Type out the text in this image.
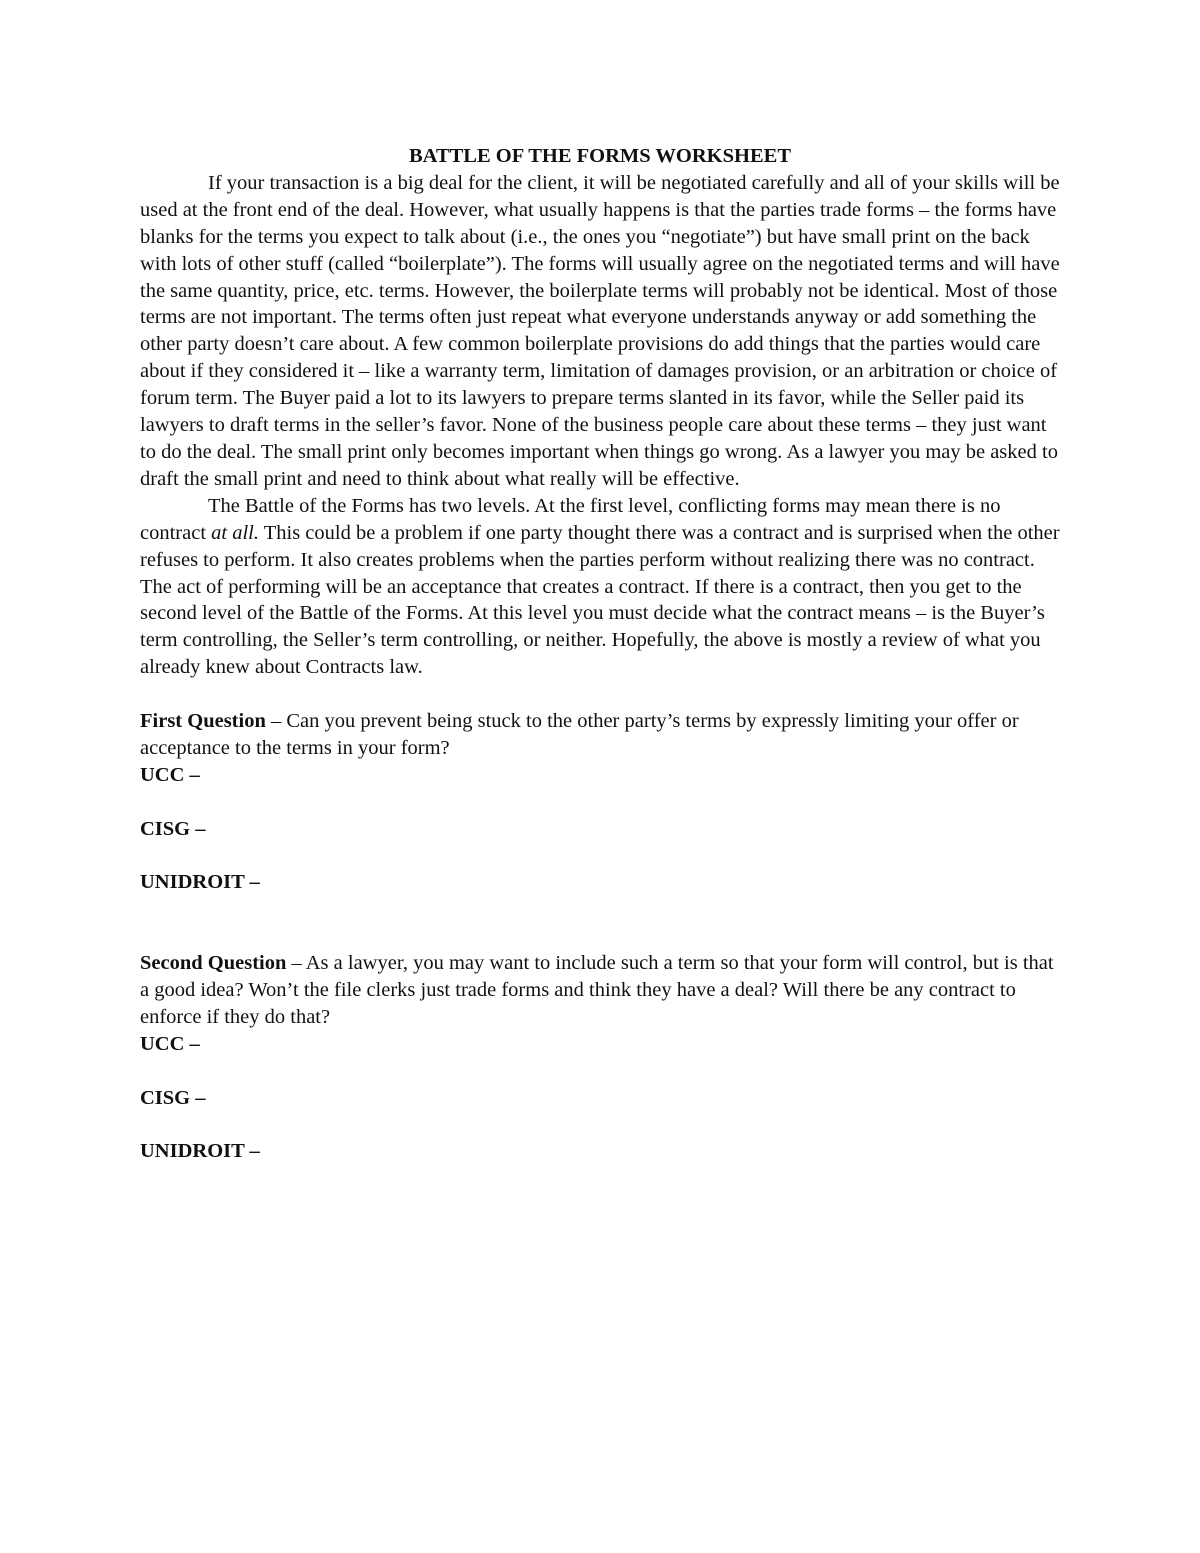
BATTLE OF THE FORMS WORKSHEET

If your transaction is a big deal for the client, it will be negotiated carefully and all of your skills will be used at the front end of the deal. However, what usually happens is that the parties trade forms – the forms have blanks for the terms you expect to talk about (i.e., the ones you “negotiate”) but have small print on the back with lots of other stuff (called “boilerplate”). The forms will usually agree on the negotiated terms and will have the same quantity, price, etc. terms. However, the boilerplate terms will probably not be identical. Most of those terms are not important. The terms often just repeat what everyone understands anyway or add something the other party doesn’t care about. A few common boilerplate provisions do add things that the parties would care about if they considered it – like a warranty term, limitation of damages provision, or an arbitration or choice of forum term. The Buyer paid a lot to its lawyers to prepare terms slanted in its favor, while the Seller paid its lawyers to draft terms in the seller’s favor. None of the business people care about these terms – they just want to do the deal. The small print only becomes important when things go wrong. As a lawyer you may be asked to draft the small print and need to think about what really will be effective.

The Battle of the Forms has two levels. At the first level, conflicting forms may mean there is no contract at all. This could be a problem if one party thought there was a contract and is surprised when the other refuses to perform. It also creates problems when the parties perform without realizing there was no contract. The act of performing will be an acceptance that creates a contract. If there is a contract, then you get to the second level of the Battle of the Forms. At this level you must decide what the contract means – is the Buyer’s term controlling, the Seller’s term controlling, or neither. Hopefully, the above is mostly a review of what you already knew about Contracts law.

First Question – Can you prevent being stuck to the other party’s terms by expressly limiting your offer or acceptance to the terms in your form?

UCC –

CISG –

UNIDROIT –

Second Question – As a lawyer, you may want to include such a term so that your form will control, but is that a good idea? Won’t the file clerks just trade forms and think they have a deal? Will there be any contract to enforce if they do that?

UCC –

CISG –

UNIDROIT –
